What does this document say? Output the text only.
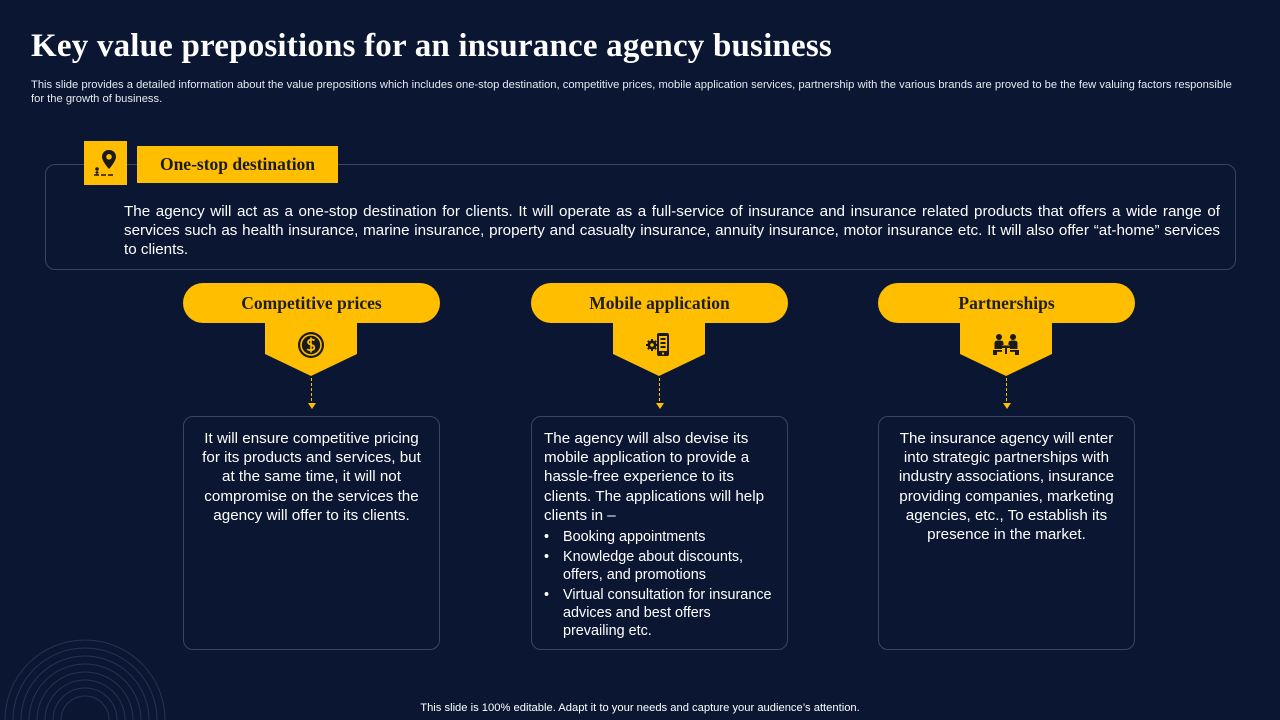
Key value prepositions for an insurance agency business

This slide provides a detailed information about the value prepositions which includes one-stop destination, competitive prices, mobile application services, partnership with the various brands are proved to be the few valuing factors responsible for the growth of business.

One-stop destination

The agency will act as a one-stop destination for clients. It will operate as a full-service of insurance and insurance related products that offers a wide range of services such as health insurance, marine insurance, property and casualty insurance, annuity insurance, motor insurance etc. It will also offer “at-home” services to clients.

Competitive prices

It will ensure competitive pricing for its products and services, but at the same time, it will not compromise on the services the agency will offer to its clients.

Mobile application

The agency will also devise its mobile application to provide a hassle-free experience to its clients. The applications will help clients in –

• Booking appointments
• Knowledge about discounts, offers, and promotions
• Virtual consultation for insurance advices and best offers prevailing etc.
Partnerships

The insurance agency will enter into strategic partnerships with industry associations, insurance providing companies, marketing agencies, etc., To establish its presence in the market.

This slide is 100% editable. Adapt it to your needs and capture your audience’s attention.
